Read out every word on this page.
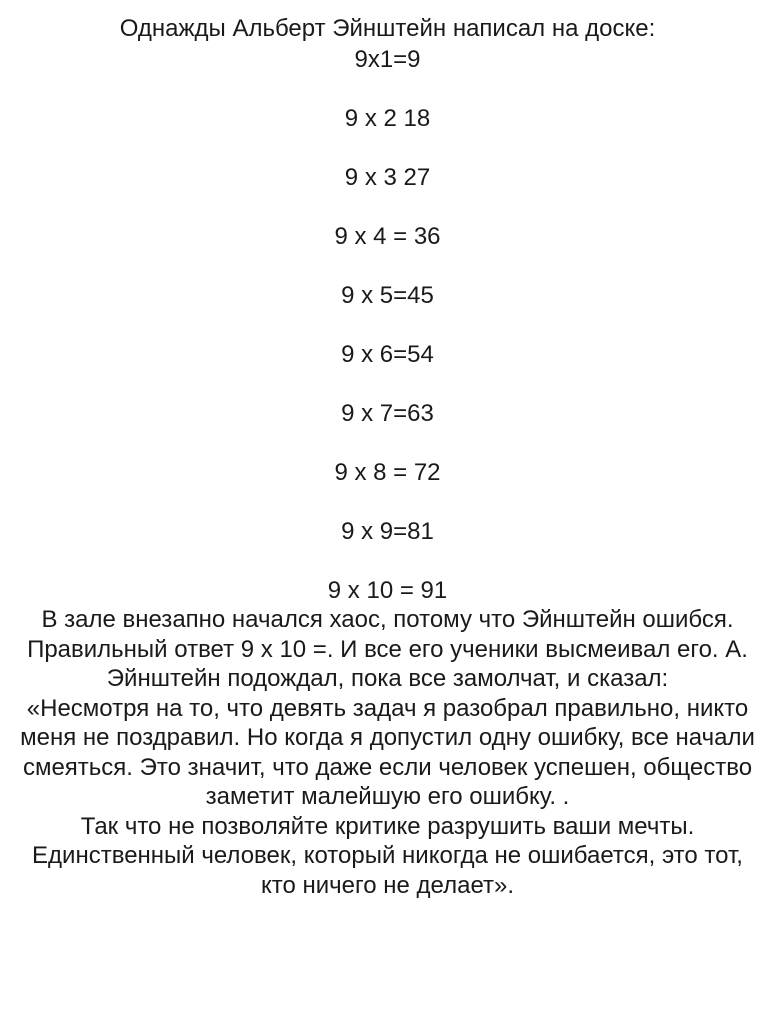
Однажды Альберт Эйнштейн написал на доске:
9x1=9
9 x 2 18
9 x 3 27
9 x 4 = 36
9 x 5=45
9 x 6=54
9 x 7=63
9 x 8 = 72
9 x 9=81
9 x 10 = 91

В зале внезапно начался хаос, потому что Эйнштейн ошибся. Правильный ответ 9 х 10 =. И все его ученики высмеивал его. А. Эйнштейн подождал, пока все замолчат, и сказал:

«Несмотря на то, что девять задач я разобрал правильно, никто меня не поздравил. Но когда я допустил одну ошибку, все начали смеяться. Это значит, что даже если человек успешен, общество заметит малейшую его ошибку. .

Так что не позволяйте критике разрушить ваши мечты. Единственный человек, который никогда не ошибается, это тот, кто ничего не делает».
